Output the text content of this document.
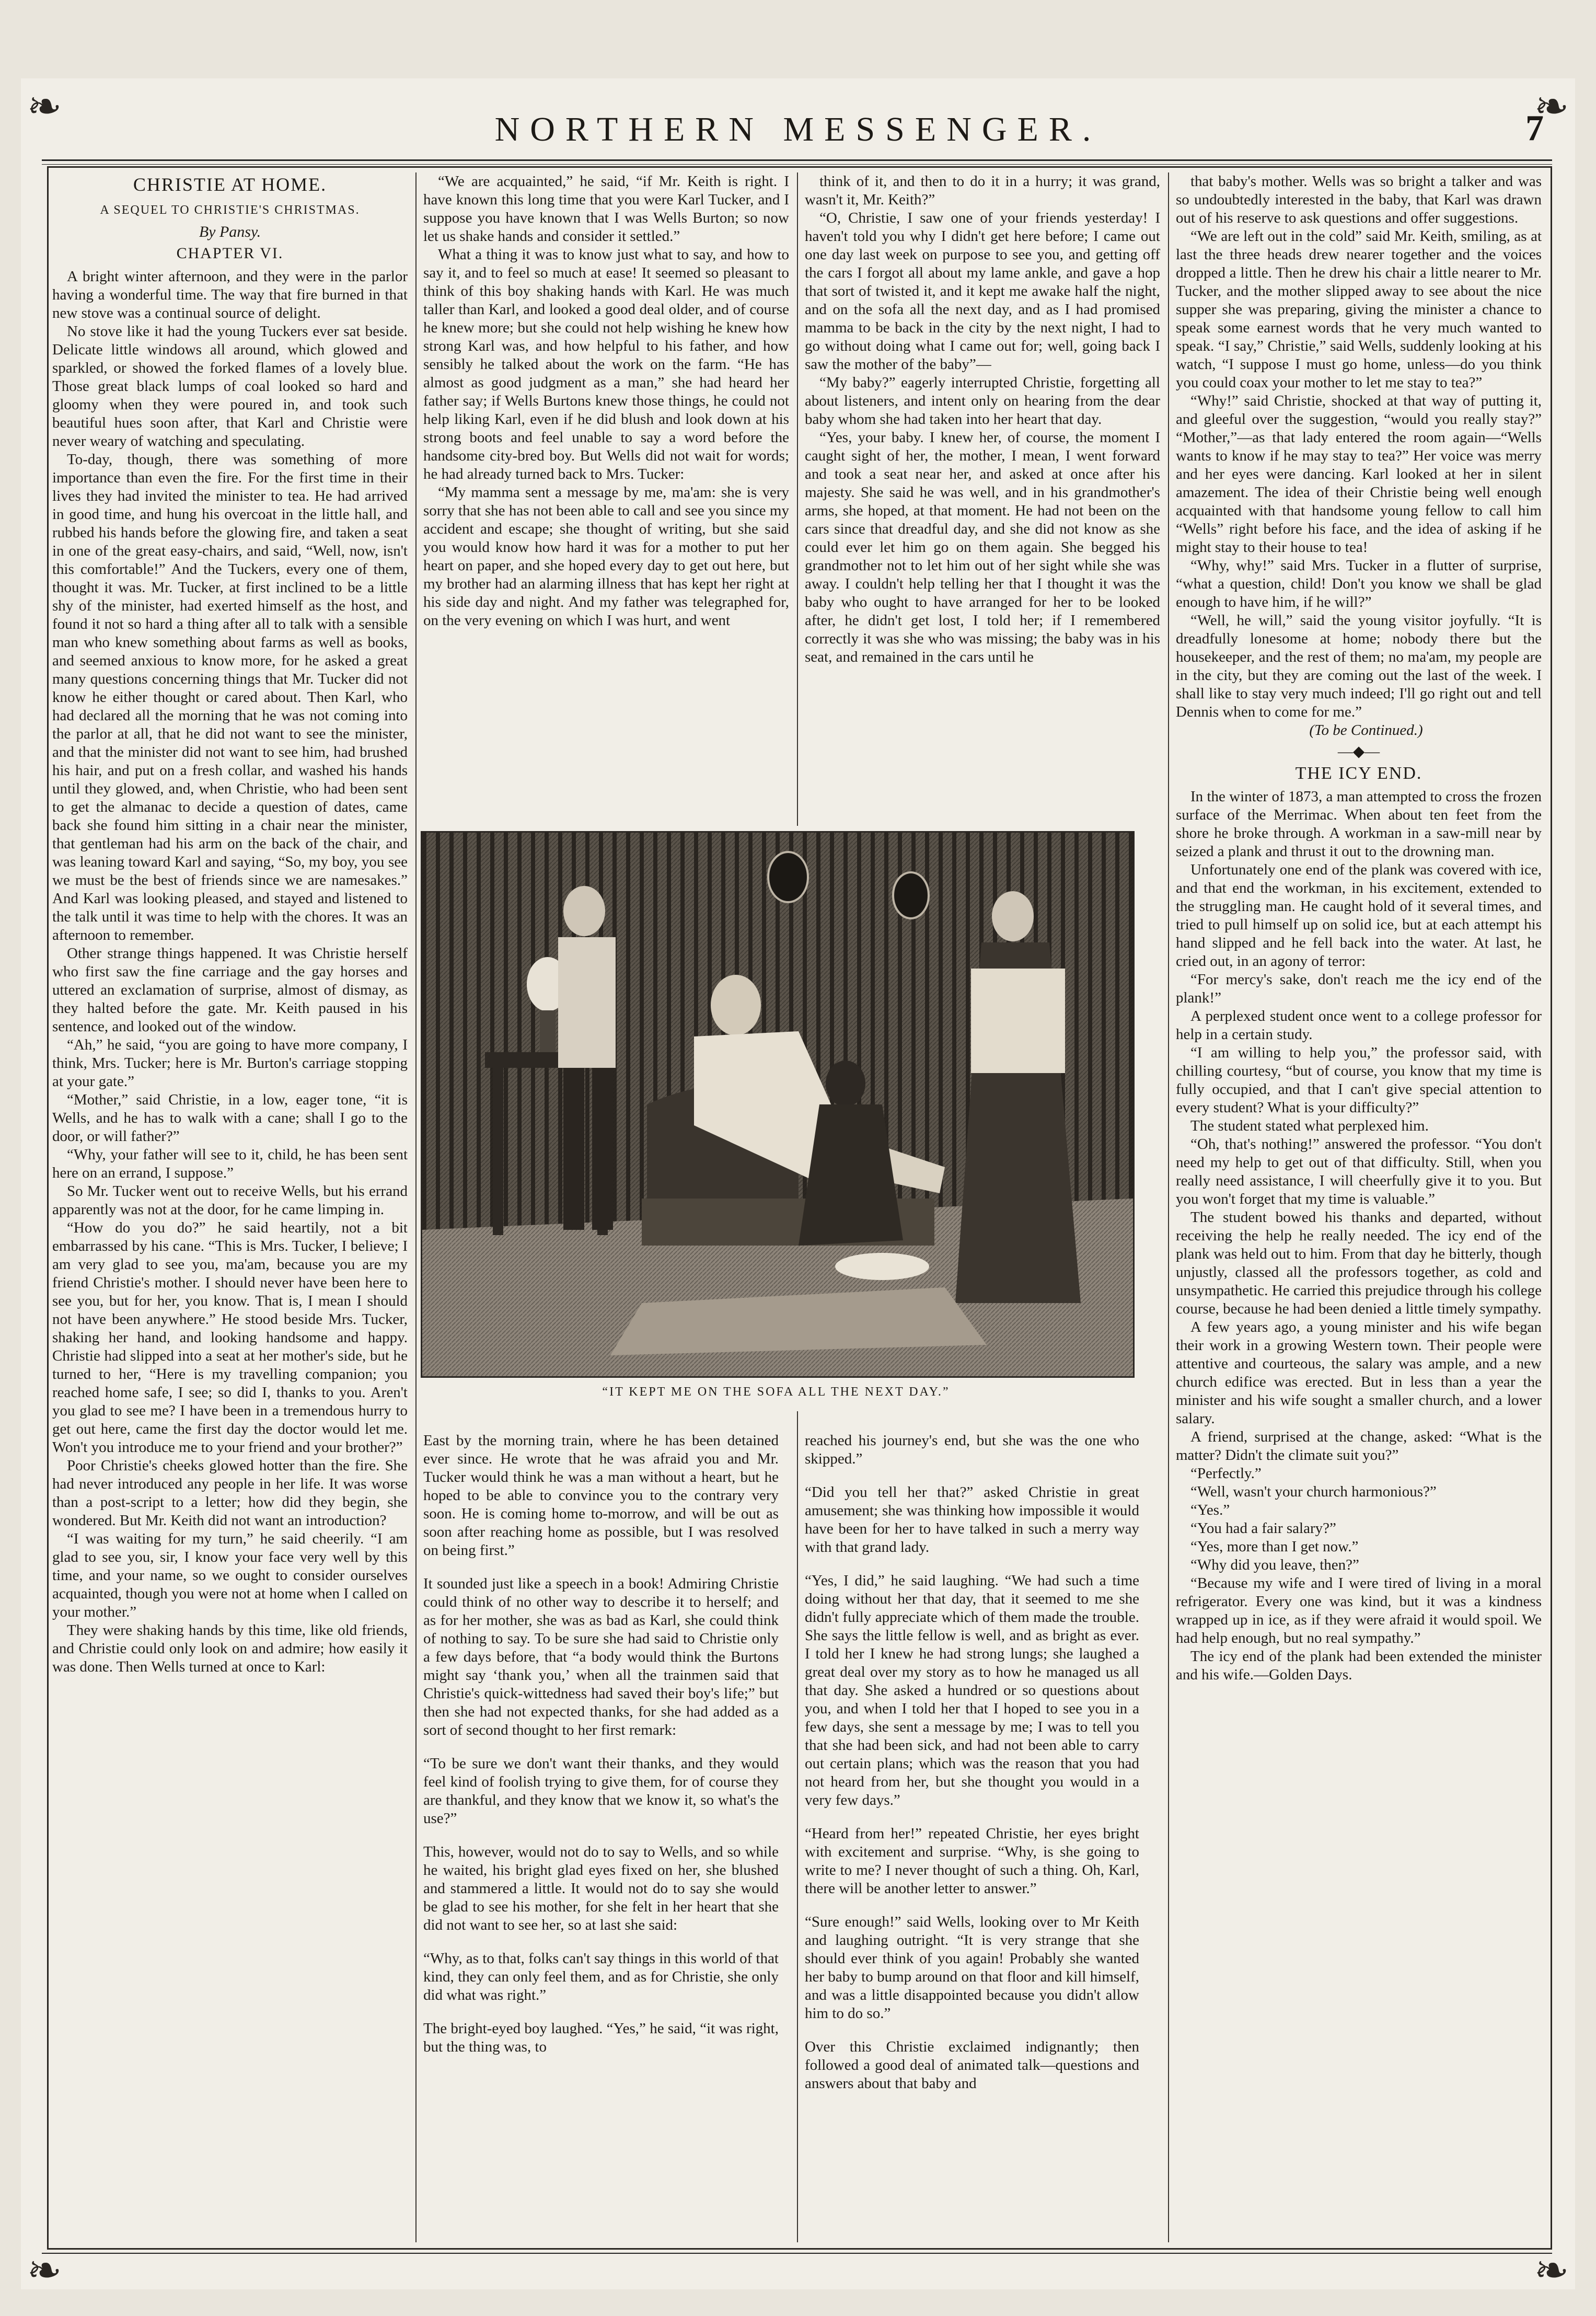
NORTHERN MESSENGER.	7
❧	❧
❧	❧
CHRISTIE AT HOME.
A SEQUEL TO CHRISTIE'S CHRISTMAS.
By Pansy.
CHAPTER VI.

A bright winter afternoon, and they were in the parlor having a wonderful time. The way that fire burned in that new stove was a continual source of delight.

No stove like it had the young Tuckers ever sat beside. Delicate little windows all around, which glowed and sparkled, or showed the forked flames of a lovely blue. Those great black lumps of coal looked so hard and gloomy when they were poured in, and took such beautiful hues soon after, that Karl and Christie were never weary of watching and speculating.

To-day, though, there was something of more importance than even the fire. For the first time in their lives they had invited the minister to tea. He had arrived in good time, and hung his overcoat in the little hall, and rubbed his hands before the glowing fire, and taken a seat in one of the great easy-chairs, and said, “Well, now, isn't this comfortable!” And the Tuckers, every one of them, thought it was. Mr. Tucker, at first inclined to be a little shy of the minister, had exerted himself as the host, and found it not so hard a thing after all to talk with a sensible man who knew something about farms as well as books, and seemed anxious to know more, for he asked a great many questions concerning things that Mr. Tucker did not know he either thought or cared about. Then Karl, who had declared all the morning that he was not coming into the parlor at all, that he did not want to see the minister, and that the minister did not want to see him, had brushed his hair, and put on a fresh collar, and washed his hands until they glowed, and, when Christie, who had been sent to get the almanac to decide a question of dates, came back she found him sitting in a chair near the minister, that gentleman had his arm on the back of the chair, and was leaning toward Karl and saying, “So, my boy, you see we must be the best of friends since we are namesakes.” And Karl was looking pleased, and stayed and listened to the talk until it was time to help with the chores. It was an afternoon to remember.

Other strange things happened. It was Christie herself who first saw the fine carriage and the gay horses and uttered an exclamation of surprise, almost of dismay, as they halted before the gate. Mr. Keith paused in his sentence, and looked out of the window.

“Ah,” he said, “you are going to have more company, I think, Mrs. Tucker; here is Mr. Burton's carriage stopping at your gate.”

“Mother,” said Christie, in a low, eager tone, “it is Wells, and he has to walk with a cane; shall I go to the door, or will father?”

“Why, your father will see to it, child, he has been sent here on an errand, I suppose.”

So Mr. Tucker went out to receive Wells, but his errand apparently was not at the door, for he came limping in.

“How do you do?” he said heartily, not a bit embarrassed by his cane. “This is Mrs. Tucker, I believe; I am very glad to see you, ma'am, because you are my friend Christie's mother. I should never have been here to see you, but for her, you know. That is, I mean I should not have been anywhere.” He stood beside Mrs. Tucker, shaking her hand, and looking handsome and happy. Christie had slipped into a seat at her mother's side, but he turned to her, “Here is my travelling companion; you reached home safe, I see; so did I, thanks to you. Aren't you glad to see me? I have been in a tremendous hurry to get out here, came the first day the doctor would let me. Won't you introduce me to your friend and your brother?”

Poor Christie's cheeks glowed hotter than the fire. She had never introduced any people in her life. It was worse than a post-script to a letter; how did they begin, she wondered. But Mr. Keith did not want an introduction?

“I was waiting for my turn,” he said cheerily. “I am glad to see you, sir, I know your face very well by this time, and your name, so we ought to consider ourselves acquainted, though you were not at home when I called on your mother.”

They were shaking hands by this time, like old friends, and Christie could only look on and admire; how easily it was done. Then Wells turned at once to Karl:

“We are acquainted,” he said, “if Mr. Keith is right. I have known this long time that you were Karl Tucker, and I suppose you have known that I was Wells Burton; so now let us shake hands and consider it settled.”

What a thing it was to know just what to say, and how to say it, and to feel so much at ease! It seemed so pleasant to think of this boy shaking hands with Karl. He was much taller than Karl, and looked a good deal older, and of course he knew more; but she could not help wishing he knew how strong Karl was, and how helpful to his father, and how sensibly he talked about the work on the farm. “He has almost as good judgment as a man,” she had heard her father say; if Wells Burtons knew those things, he could not help liking Karl, even if he did blush and look down at his strong boots and feel unable to say a word before the handsome city-bred boy. But Wells did not wait for words; he had already turned back to Mrs. Tucker:

“My mamma sent a message by me, ma'am: she is very sorry that she has not been able to call and see you since my accident and escape; she thought of writing, but she said you would know how hard it was for a mother to put her heart on paper, and she hoped every day to get out here, but my brother had an alarming illness that has kept her right at his side day and night. And my father was telegraphed for, on the very evening on which I was hurt, and went

think of it, and then to do it in a hurry; it was grand, wasn't it, Mr. Keith?”

“O, Christie, I saw one of your friends yesterday! I haven't told you why I didn't get here before; I came out one day last week on purpose to see you, and getting off the cars I forgot all about my lame ankle, and gave a hop that sort of twisted it, and it kept me awake half the night, and on the sofa all the next day, and as I had promised mamma to be back in the city by the next night, I had to go without doing what I came out for; well, going back I saw the mother of the baby”—

“My baby?” eagerly interrupted Christie, forgetting all about listeners, and intent only on hearing from the dear baby whom she had taken into her heart that day.

“Yes, your baby. I knew her, of course, the moment I caught sight of her, the mother, I mean, I went forward and took a seat near her, and asked at once after his majesty. She said he was well, and in his grandmother's arms, she hoped, at that moment. He had not been on the cars since that dreadful day, and she did not know as she could ever let him go on them again. She begged his grandmother not to let him out of her sight while she was away. I couldn't help telling her that I thought it was the baby who ought to have arranged for her to be looked after, he didn't get lost, I told her; if I remembered correctly it was she who was missing; the baby was in his seat, and remained in the cars until he

that baby's mother. Wells was so bright a talker and was so undoubtedly interested in the baby, that Karl was drawn out of his reserve to ask questions and offer suggestions.

“We are left out in the cold” said Mr. Keith, smiling, as at last the three heads drew nearer together and the voices dropped a little. Then he drew his chair a little nearer to Mr. Tucker, and the mother slipped away to see about the nice supper she was preparing, giving the minister a chance to speak some earnest words that he very much wanted to speak. “I say,” Christie,” said Wells, suddenly looking at his watch, “I suppose I must go home, unless—do you think you could coax your mother to let me stay to tea?”

“Why!” said Christie, shocked at that way of putting it, and gleeful over the suggestion, “would you really stay?” “Mother,”—as that lady entered the room again—“Wells wants to know if he may stay to tea?” Her voice was merry and her eyes were dancing. Karl looked at her in silent amazement. The idea of their Christie being well enough acquainted with that handsome young fellow to call him “Wells” right before his face, and the idea of asking if he might stay to their house to tea!

“Why, why!” said Mrs. Tucker in a flutter of surprise, “what a question, child! Don't you know we shall be glad enough to have him, if he will?”

“Well, he will,” said the young visitor joyfully. “It is dreadfully lonesome at home; nobody there but the housekeeper, and the rest of them; no ma'am, my people are in the city, but they are coming out the last of the week. I shall like to stay very much indeed; I'll go right out and tell Dennis when to come for me.”

(To be Continued.)

—◆—
THE ICY END.

In the winter of 1873, a man attempted to cross the frozen surface of the Merrimac. When about ten feet from the shore he broke through. A workman in a saw-mill near by seized a plank and thrust it out to the drowning man.

Unfortunately one end of the plank was covered with ice, and that end the workman, in his excitement, extended to the struggling man. He caught hold of it several times, and tried to pull himself up on solid ice, but at each attempt his hand slipped and he fell back into the water. At last, he cried out, in an agony of terror:

“For mercy's sake, don't reach me the icy end of the plank!”

A perplexed student once went to a college professor for help in a certain study.

“I am willing to help you,” the professor said, with chilling courtesy, “but of course, you know that my time is fully occupied, and that I can't give special attention to every student? What is your difficulty?”

The student stated what perplexed him.

“Oh, that's nothing!” answered the professor. “You don't need my help to get out of that difficulty. Still, when you really need assistance, I will cheerfully give it to you. But you won't forget that my time is valuable.”

The student bowed his thanks and departed, without receiving the help he really needed. The icy end of the plank was held out to him. From that day he bitterly, though unjustly, classed all the professors together, as cold and unsympathetic. He carried this prejudice through his college course, because he had been denied a little timely sympathy.

A few years ago, a young minister and his wife began their work in a growing Western town. Their people were attentive and courteous, the salary was ample, and a new church edifice was erected. But in less than a year the minister and his wife sought a smaller church, and a lower salary.

A friend, surprised at the change, asked: “What is the matter? Didn't the climate suit you?”

“Perfectly.”

“Well, wasn't your church harmonious?”

“Yes.”

“You had a fair salary?”

“Yes, more than I get now.”

“Why did you leave, then?”

“Because my wife and I were tired of living in a moral refrigerator. Every one was kind, but it was a kindness wrapped up in ice, as if they were afraid it would spoil. We had help enough, but no real sympathy.”

The icy end of the plank had been extended the minister and his wife.—Golden Days.

“IT KEPT ME ON THE SOFA ALL THE NEXT DAY.”

East by the morning train, where he has been detained ever since. He wrote that he was afraid you and Mr. Tucker would think he was a man without a heart, but he hoped to be able to convince you to the contrary very soon. He is coming home to-morrow, and will be out as soon after reaching home as possible, but I was resolved on being first.”

It sounded just like a speech in a book! Admiring Christie could think of no other way to describe it to herself; and as for her mother, she was as bad as Karl, she could think of nothing to say. To be sure she had said to Christie only a few days before, that “a body would think the Burtons might say ‘thank you,’ when all the trainmen said that Christie's quick-wittedness had saved their boy's life;” but then she had not expected thanks, for she had added as a sort of second thought to her first remark:

“To be sure we don't want their thanks, and they would feel kind of foolish trying to give them, for of course they are thankful, and they know that we know it, so what's the use?”

This, however, would not do to say to Wells, and so while he waited, his bright glad eyes fixed on her, she blushed and stammered a little. It would not do to say she would be glad to see his mother, for she felt in her heart that she did not want to see her, so at last she said:

“Why, as to that, folks can't say things in this world of that kind, they can only feel them, and as for Christie, she only did what was right.”

The bright-eyed boy laughed. “Yes,” he said, “it was right, but the thing was, to

reached his journey's end, but she was the one who skipped.”

“Did you tell her that?” asked Christie in great amusement; she was thinking how impossible it would have been for her to have talked in such a merry way with that grand lady.

“Yes, I did,” he said laughing. “We had such a time doing without her that day, that it seemed to me she didn't fully appreciate which of them made the trouble. She says the little fellow is well, and as bright as ever. I told her I knew he had strong lungs; she laughed a great deal over my story as to how he managed us all that day. She asked a hundred or so questions about you, and when I told her that I hoped to see you in a few days, she sent a message by me; I was to tell you that she had been sick, and had not been able to carry out certain plans; which was the reason that you had not heard from her, but she thought you would in a very few days.”

“Heard from her!” repeated Christie, her eyes bright with excitement and surprise. “Why, is she going to write to me? I never thought of such a thing. Oh, Karl, there will be another letter to answer.”

“Sure enough!” said Wells, looking over to Mr Keith and laughing outright. “It is very strange that she should ever think of you again! Probably she wanted her baby to bump around on that floor and kill himself, and was a little disappointed because you didn't allow him to do so.”

Over this Christie exclaimed indignantly; then followed a good deal of animated talk—questions and answers about that baby and
